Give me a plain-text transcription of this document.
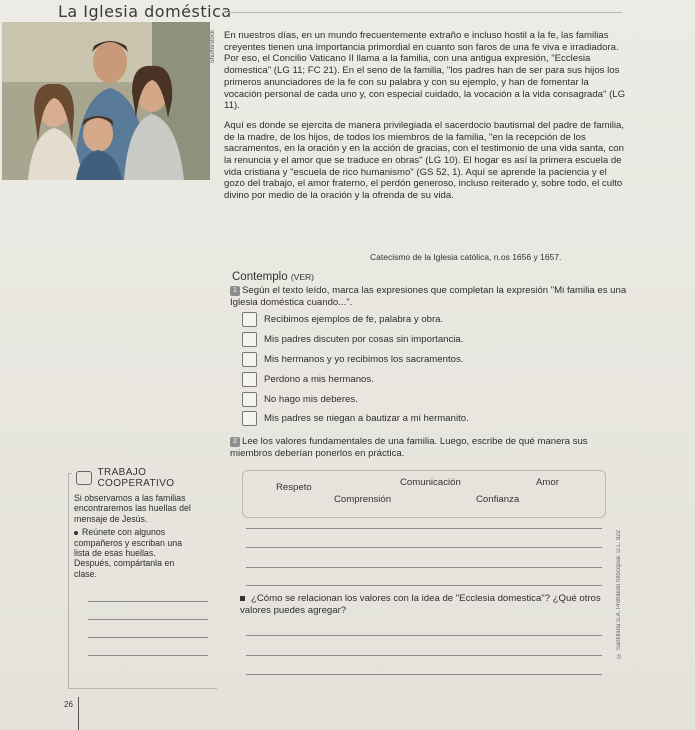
La Iglesia doméstica
Shutterstock En nuestros días, en un mundo frecuentemente extraño e incluso hostil a la fe, las familias creyentes tienen una importancia primordial en cuanto son faros de una fe viva e irradiadora. Por eso, el Concilio Vaticano II llama a la familia, con una antigua expresión, "Ecclesia domestica" (LG 11; FC 21). En el seno de la familia, "los padres han de ser para sus hijos los primeros anunciadores de la fe con su palabra y con su ejemplo, y han de fomentar la vocación personal de cada uno y, con especial cuidado, la vocación a la vida consagrada" (LG 11).

Aquí es donde se ejercita de manera privilegiada el sacerdocio bautismal del padre de familia, de la madre, de los hijos, de todos los miembros de la familia, "en la recepción de los sacramentos, en la oración y en la acción de gracias, con el testimonio de una vida santa, con la renuncia y el amor que se traduce en obras" (LG 10). El hogar es así la primera escuela de vida cristiana y "escuela de rico humanismo" (GS 52, 1). Aquí se aprende la paciencia y el gozo del trabajo, el amor fraterno, el perdón generoso, incluso reiterado y, sobre todo, el culto divino por medio de la oración y la ofrenda de su vida.

Catecismo de la Iglesia católica, n.os 1656 y 1657.
Contemplo (VER)
1 Según el texto leído, marca las expresiones que completan la expresión "Mi familia es una Iglesia doméstica cuando...".
Recibimos ejemplos de fe, palabra y obra.
Mis padres discuten por cosas sin importancia.
Mis hermanos y yo recibimos los sacramentos.
Perdono a mis hermanos.
No hago mis deberes.
Mis padres se niegan a bautizar a mi hermanito.
2 Lee los valores fundamentales de una familia. Luego, escribe de qué manera sus miembros deberían ponerlos en práctica.
TRABAJO COOPERATIVO
Si observamos a las familias encontraremos las huellas del mensaje de Jesús.
Reúnete con algunos compañeros y escriban una lista de esas huellas. Después, compártanla en clase.
Respeto	Comunicación	Amor
Comprensión	Confianza
¿Cómo se relacionan los valores con la idea de "Ecclesia domestica"? ¿Qué otros valores puedes agregar?	© Santillana S.A. Prohibido fotocopiar. D.L. 822
26
